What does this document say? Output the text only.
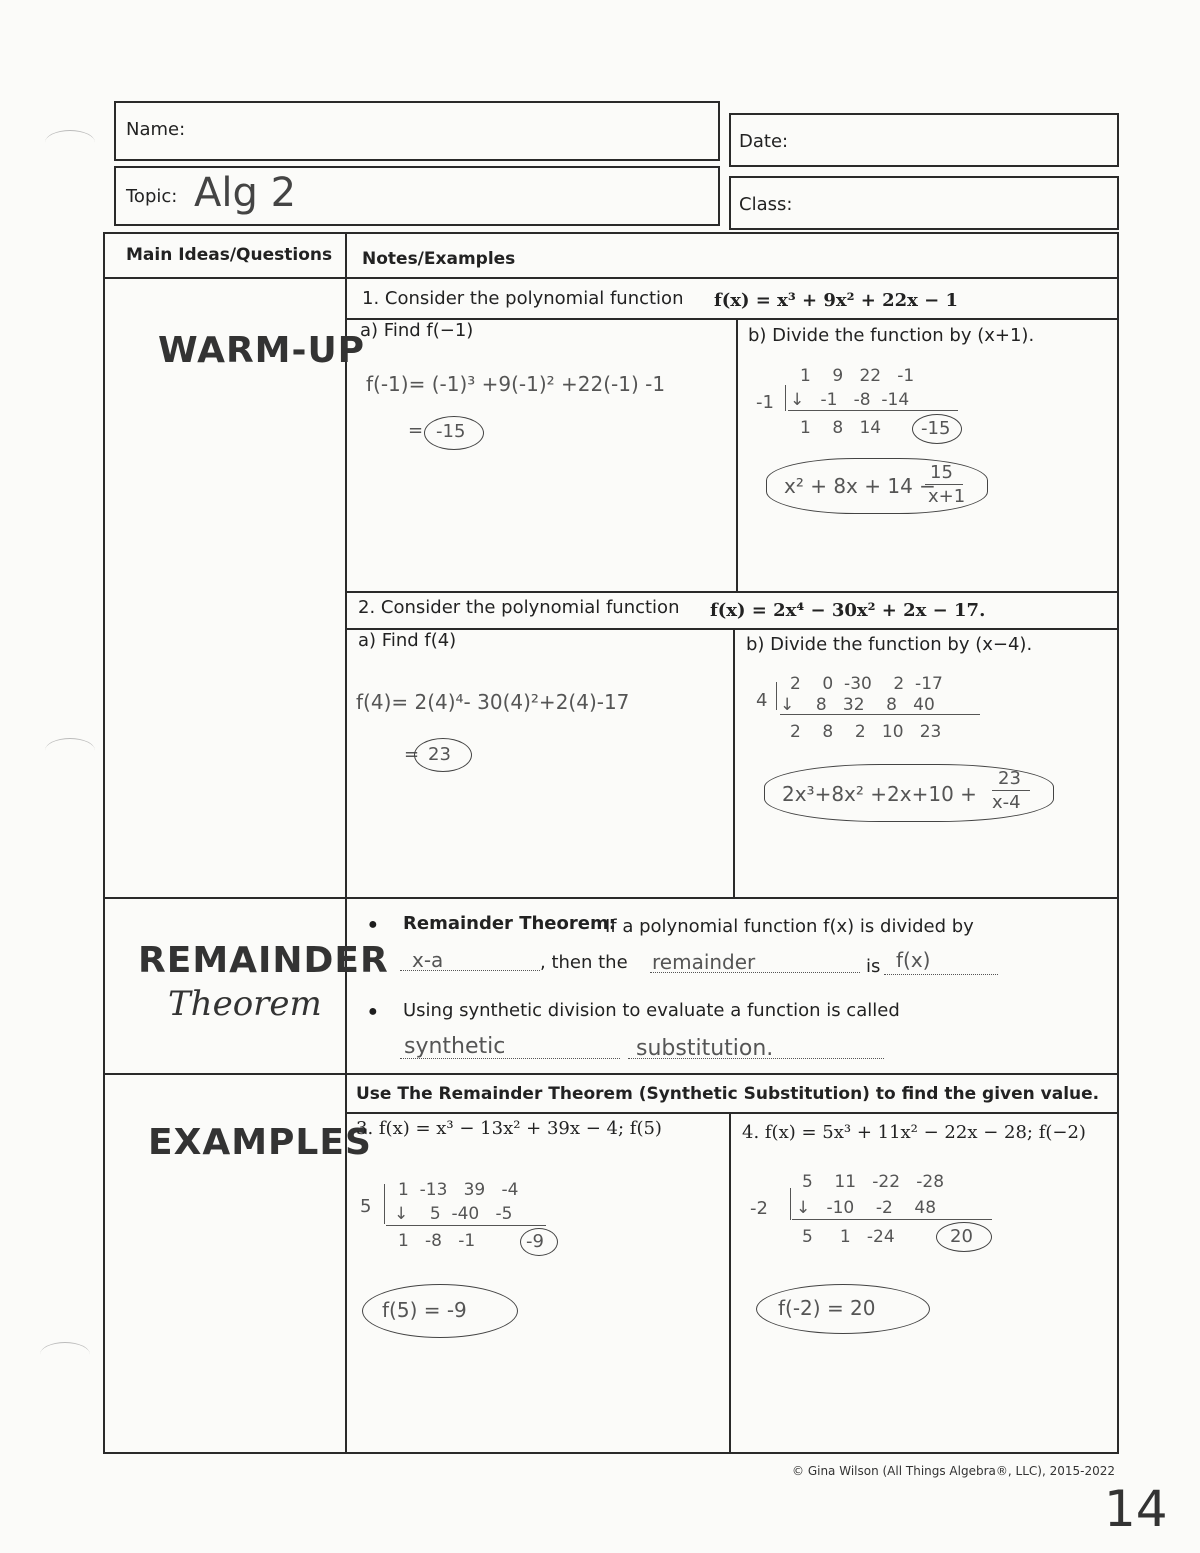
Name:
Date:
Topic: Alg 2	Class:
Main Ideas/Questions Notes/Examples
WARM-UP
REMAINDER
Theorem
EXAMPLES
1. Consider the polynomial function f(x) = x³ + 9x² + 22x − 1
a) Find f(−1)	b) Divide the function by (x+1).
f(-1)= (-1)³ +9(-1)² +22(-1) -1
= -15
-1
1    9   22   -1
↓   -1   -8  -14
1    8   14 -15
x² + 8x + 14 −
15
x+1
2. Consider the polynomial function f(x) = 2x⁴ − 30x² + 2x − 17.
a) Find f(4)	b) Divide the function by (x−4).
f(4)= 2(4)⁴- 30(4)²+2(4)-17
= 23
4
2    0  -30    2  -17
↓    8   32    8   40
2    8    2   10   23
2x³+8x² +2x+10 +
23
x-4
● Remainder Theorem:
If a polynomial function f(x) is divided by
x-a	, then the remainder	is f(x)
● Using synthetic division to evaluate a function is called
synthetic	substitution.
Use The Remainder Theorem (Synthetic Substitution) to find the given value.
3. f(x) = x³ − 13x² + 39x − 4; f(5)	4. f(x) = 5x³ + 11x² − 22x − 28; f(−2)
5
1  -13   39   -4
↓    5  -40   -5
1   -8   -1	-9
f(5) = -9
-2
5    11   -22   -28
↓   -10    -2    48
5     1   -24	20
f(-2) = 20
© Gina Wilson (All Things Algebra®, LLC), 2015-2022
14
